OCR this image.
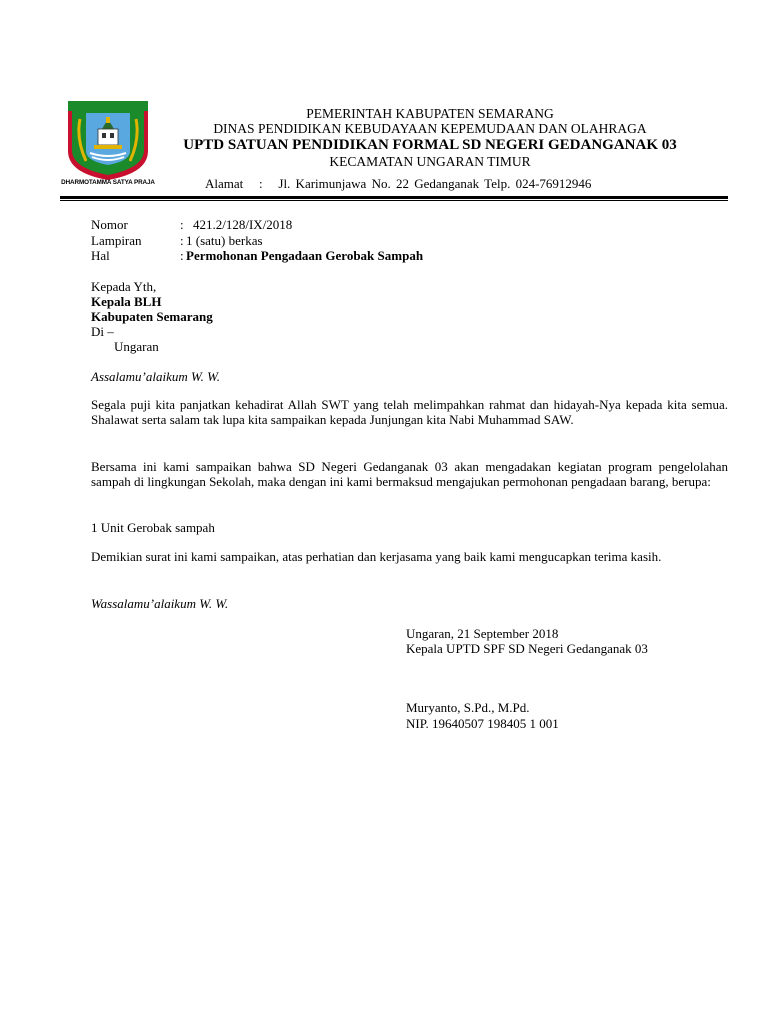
DHARMOTAMMA SATYA PRAJA
PEMERINTAH KABUPATEN SEMARANG
DINAS PENDIDIKAN KEBUDAYAAN KEPEMUDAAN DAN OLAHRAGA
UPTD SATUAN PENDIDIKAN FORMAL SD NEGERI GEDANGANAK 03
KECAMATAN UNGARAN TIMUR
Alamat : Jl. Karimunjawa No. 22 Gedanganak Telp. 024-76912946
Nomor	: 421.2/128/IX/2018
Lampiran	: 1 (satu) berkas
Hal	: Permohonan Pengadaan Gerobak Sampah
Kepada Yth,
Kepala BLH
Kabupaten Semarang
Di –
Ungaran
Assalamu’alaikum W. W.
Segala puji kita panjatkan kehadirat Allah SWT yang telah melimpahkan rahmat dan hidayah-Nya kepada kita semua. Shalawat serta salam tak lupa kita sampaikan kepada Junjungan kita Nabi Muhammad SAW.
Bersama ini kami sampaikan bahwa SD Negeri Gedanganak 03 akan mengadakan kegiatan program pengelolahan sampah di lingkungan Sekolah, maka dengan ini kami bermaksud mengajukan permohonan pengadaan barang, berupa:
1 Unit Gerobak sampah
Demikian surat ini kami sampaikan, atas perhatian dan kerjasama yang baik kami mengucapkan terima kasih.
Wassalamu’alaikum W. W.
Ungaran, 21 September 2018
Kepala UPTD SPF SD Negeri Gedanganak 03
Muryanto, S.Pd., M.Pd.
NIP. 19640507 198405 1 001
